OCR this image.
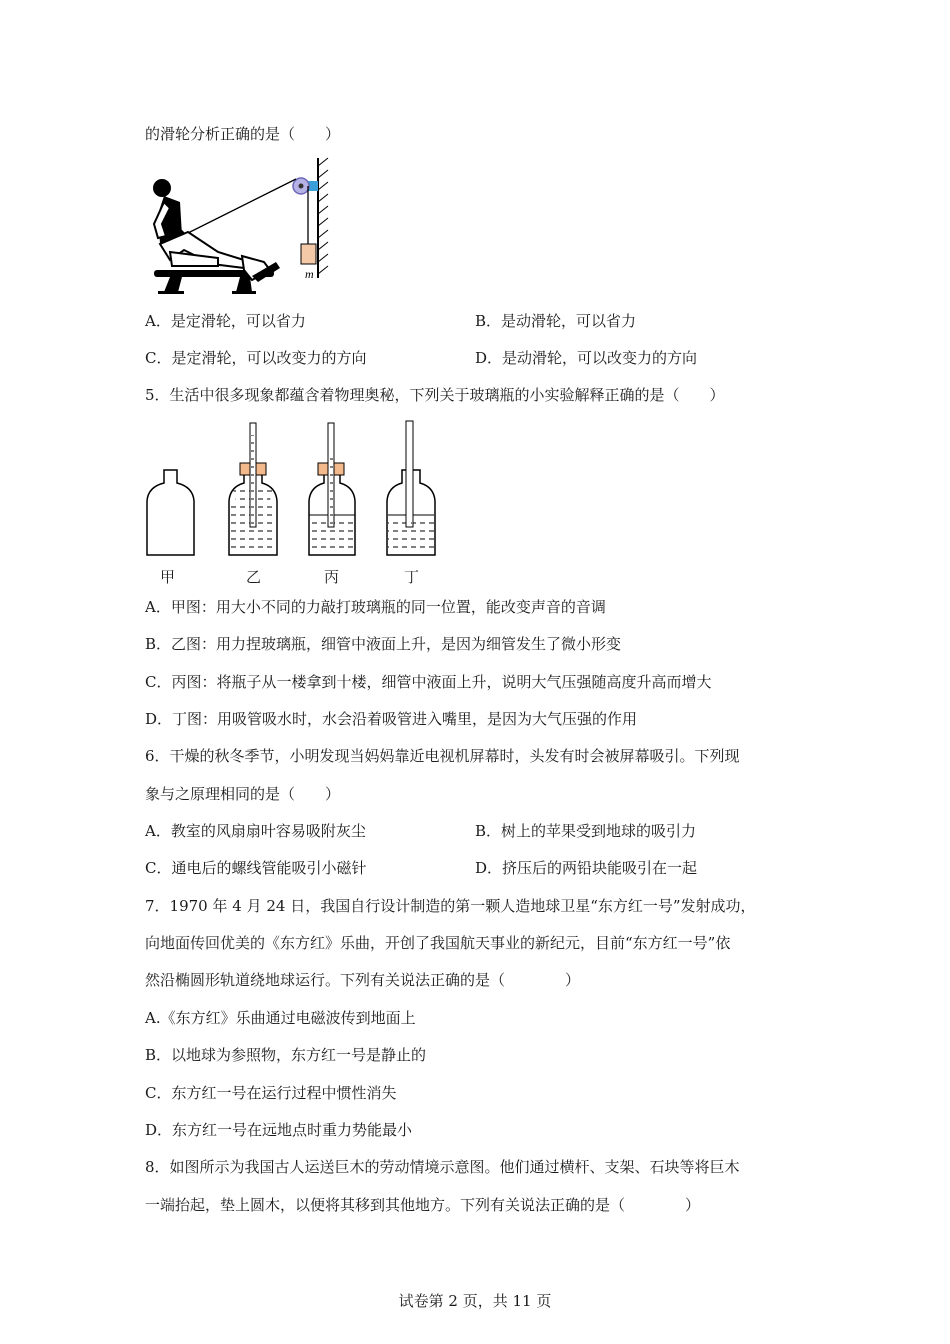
的滑轮分析正确的是（　　）
m
A．是定滑轮，可以省力	B．是动滑轮，可以省力
C．是定滑轮，可以改变力的方向	D．是动滑轮，可以改变力的方向
5．生活中很多现象都蕴含着物理奥秘，下列关于玻璃瓶的小实验解释正确的是（　　）
甲	乙	丙	丁
A．甲图：用大小不同的力敲打玻璃瓶的同一位置，能改变声音的音调
B．乙图：用力捏玻璃瓶，细管中液面上升，是因为细管发生了微小形变
C．丙图：将瓶子从一楼拿到十楼，细管中液面上升，说明大气压强随高度升高而增大
D．丁图：用吸管吸水时，水会沿着吸管进入嘴里，是因为大气压强的作用
6．干燥的秋冬季节，小明发现当妈妈靠近电视机屏幕时，头发有时会被屏幕吸引。下列现
象与之原理相同的是（　　）
A．教室的风扇扇叶容易吸附灰尘	B．树上的苹果受到地球的吸引力
C．通电后的螺线管能吸引小磁针	D．挤压后的两铅块能吸引在一起
7．1970 年 4 月 24 日，我国自行设计制造的第一颗人造地球卫星“东方红一号”发射成功，
向地面传回优美的《东方红》乐曲，开创了我国航天事业的新纪元，目前“东方红一号”依
然沿椭圆形轨道绕地球运行。下列有关说法正确的是（　　　　）
A.《东方红》乐曲通过电磁波传到地面上
B．以地球为参照物，东方红一号是静止的
C．东方红一号在运行过程中惯性消失
D．东方红一号在远地点时重力势能最小
8．如图所示为我国古人运送巨木的劳动情境示意图。他们通过横杆、支架、石块等将巨木
一端抬起，垫上圆木，以便将其移到其他地方。下列有关说法正确的是（　　　　）
试卷第 2 页，共 11 页
